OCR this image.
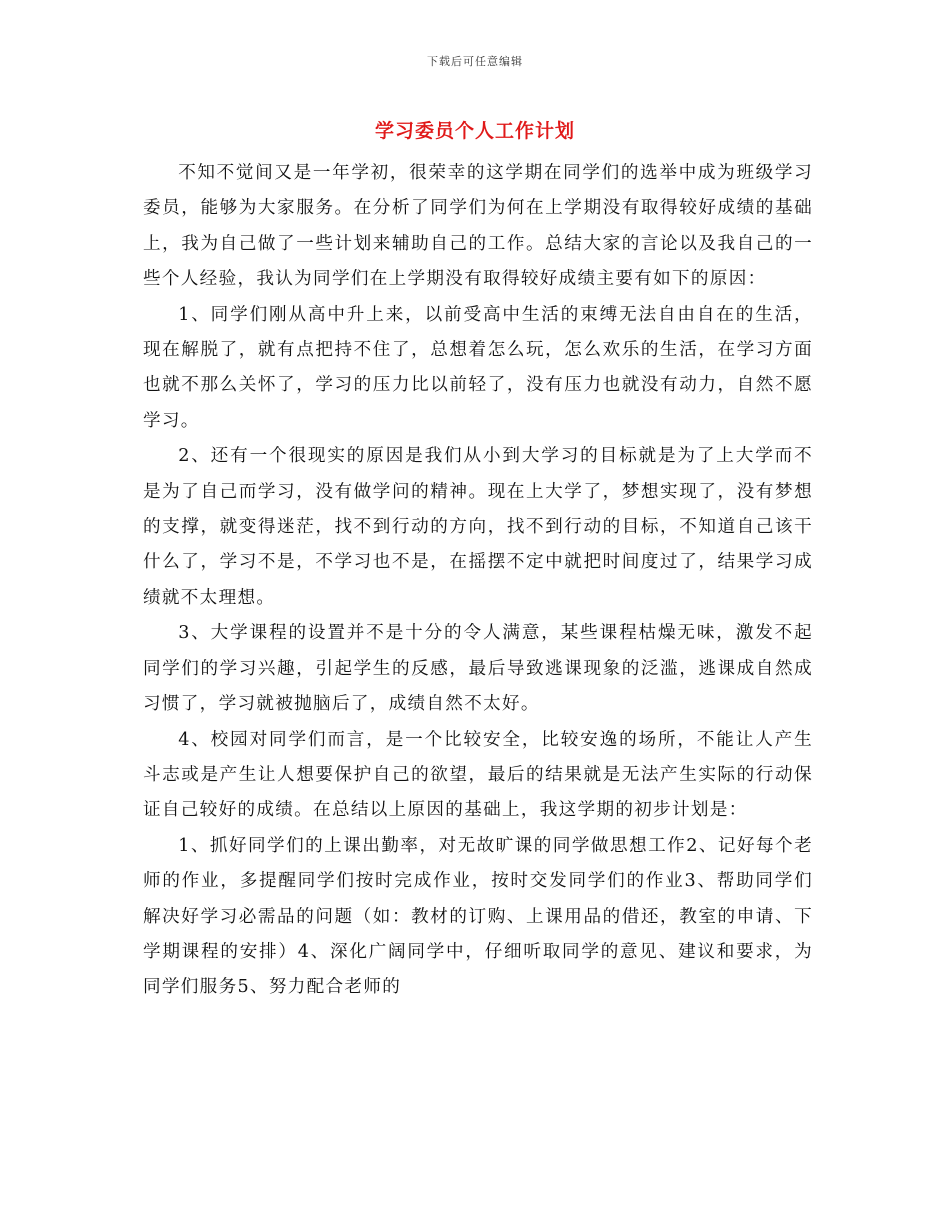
下载后可任意编辑
学习委员个人工作计划

不知不觉间又是一年学初，很荣幸的这学期在同学们的选举中成为班级学习委员，能够为大家服务。在分析了同学们为何在上学期没有取得较好成绩的基础上，我为自己做了一些计划来辅助自己的工作。总结大家的言论以及我自己的一些个人经验，我认为同学们在上学期没有取得较好成绩主要有如下的原因：

1、同学们刚从高中升上来，以前受高中生活的束缚无法自由自在的生活，现在解脱了，就有点把持不住了，总想着怎么玩，怎么欢乐的生活，在学习方面也就不那么关怀了，学习的压力比以前轻了，没有压力也就没有动力，自然不愿学习。

2、还有一个很现实的原因是我们从小到大学习的目标就是为了上大学而不是为了自己而学习，没有做学问的精神。现在上大学了，梦想实现了，没有梦想的支撑，就变得迷茫，找不到行动的方向，找不到行动的目标，不知道自己该干什么了，学习不是，不学习也不是，在摇摆不定中就把时间度过了，结果学习成绩就不太理想。

3、大学课程的设置并不是十分的令人满意，某些课程枯燥无味，激发不起同学们的学习兴趣，引起学生的反感，最后导致逃课现象的泛滥，逃课成自然成习惯了，学习就被抛脑后了，成绩自然不太好。

4、校园对同学们而言，是一个比较安全，比较安逸的场所，不能让人产生斗志或是产生让人想要保护自己的欲望，最后的结果就是无法产生实际的行动保证自己较好的成绩。在总结以上原因的基础上，我这学期的初步计划是：

1、抓好同学们的上课出勤率，对无故旷课的同学做思想工作2、记好每个老师的作业，多提醒同学们按时完成作业，按时交发同学们的作业3、帮助同学们解决好学习必需品的问题（如：教材的订购、上课用品的借还，教室的申请、下学期课程的安排）4、深化广阔同学中，仔细听取同学的意见、建议和要求，为同学们服务5、努力配合老师的
